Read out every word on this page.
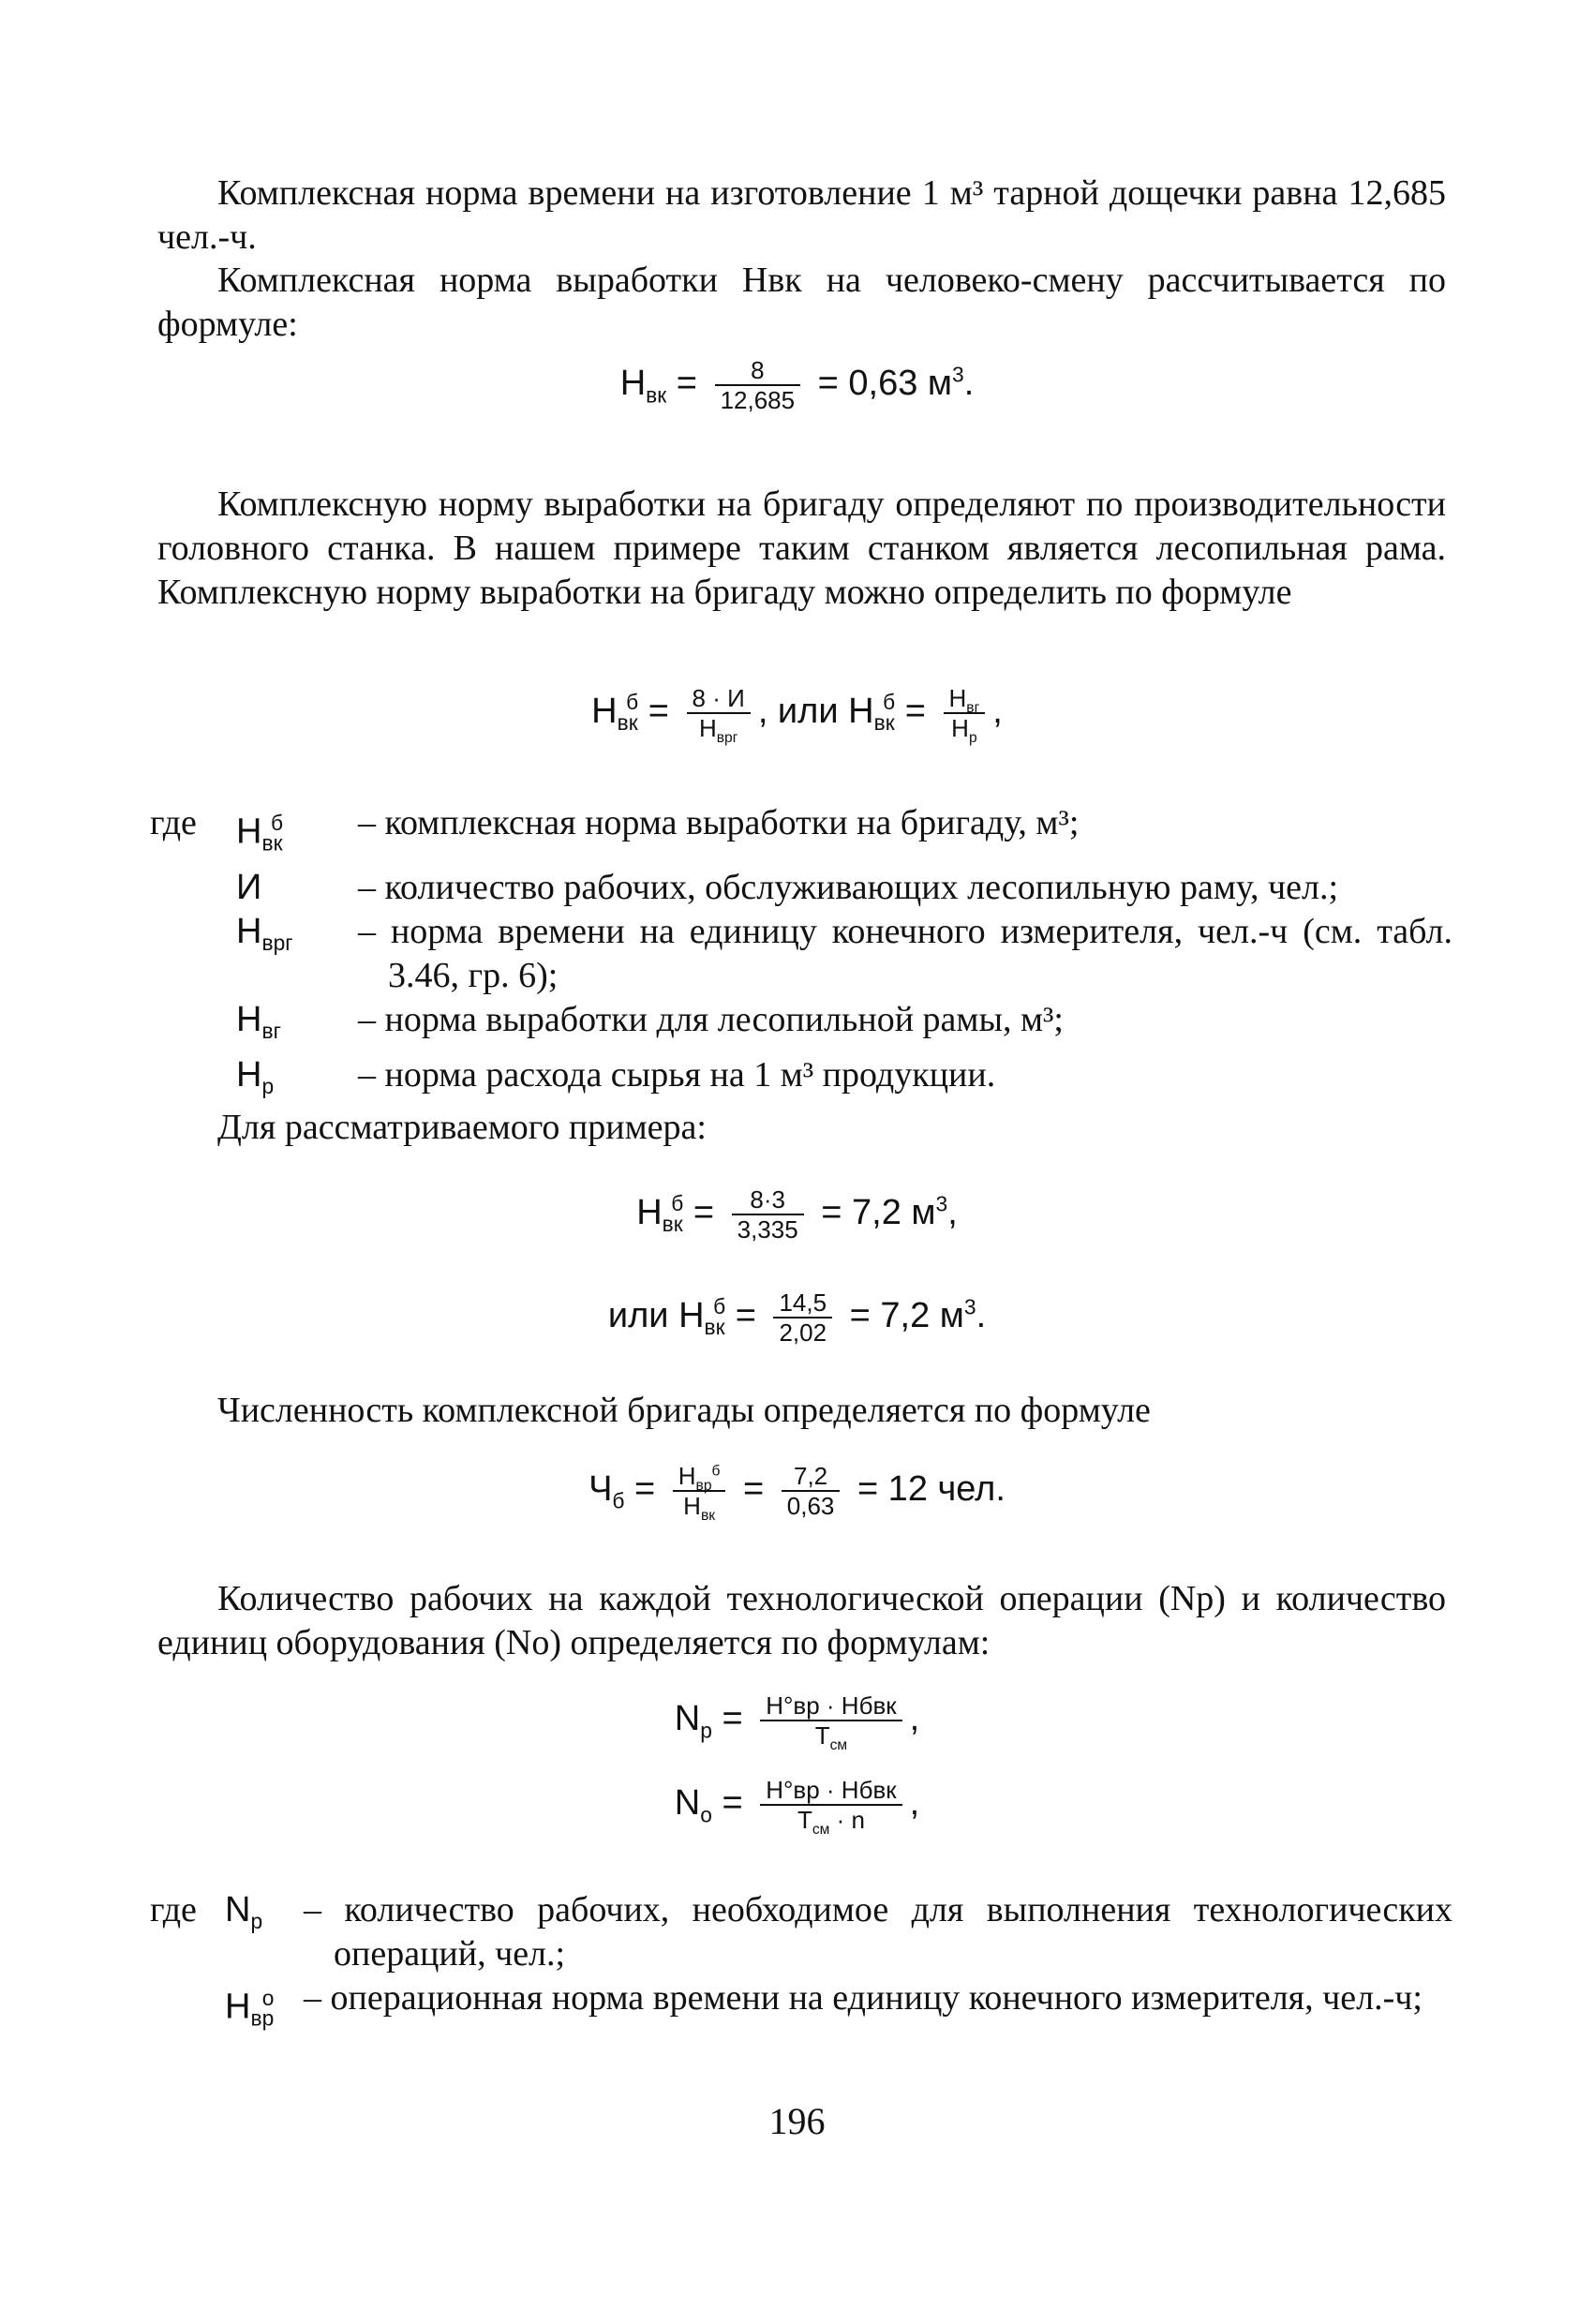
Комплексная норма времени на изготовление 1 м³ тарной дощечки равна 12,685 чел.-ч.

Комплексная норма выработки Нвк на человеко-смену рассчитывается по формуле:

$Н_{вк} = \frac{8}{12,685} = 0,63$ $м^3$.

Комплексную норму выработки на бригаду определяют по производительности головного станка. В нашем примере таким станком является лесопильная рама. Комплексную норму выработки на бригаду можно определить по формуле

$Н_{вк}^б = \frac{8 \cdot И}{Н_{врг}}$ , или $Н_{вк}^б = \frac{Н_{вг}}{Н_р}$ ,
где	$Н_{вк}^б$	– комплексная норма выработки на бригаду, м³;
И	– количество рабочих, обслуживающих лесопильную раму, чел.;
$Н_{врг}$	– норма времени на единицу конечного измерителя, чел.-ч (см. табл. 3.46, гр. 6);
$Н_{вг}$	– норма выработки для лесопильной рамы, м³;
$Н_р$	– норма расхода сырья на 1 м³ продукции.

Для рассматриваемого примера:

$Н_{вк}^б = \frac{8\cdot 3}{3,335} = 7,2$ $м^3$,
или $Н_{вк}^б = \frac{14,5}{2,02} = 7,2$ $м^3$.

Численность комплексной бригады определяется по формуле

$Ч_б = \frac{Н_{вр}^б}{Н_{вк}} = \frac{7,2}{0,63} = 12$ чел.

Количество рабочих на каждой технологической операции (Nр) и количество единиц оборудования (Nо) определяется по формулам:

$N_р = \frac{\text{Н°вр · Нбвк}}{Т_{см}}$ ,
$N_о = \frac{\text{Н°вр · Нбвк}}{Т_{см} \cdot n}$ ,
где $N_р$	– количество рабочих, необходимое для выполнения технологических операций, чел.;
$Н_{вр}^о$ – операционная норма времени на единицу конечного измерителя, чел.-ч;
196
